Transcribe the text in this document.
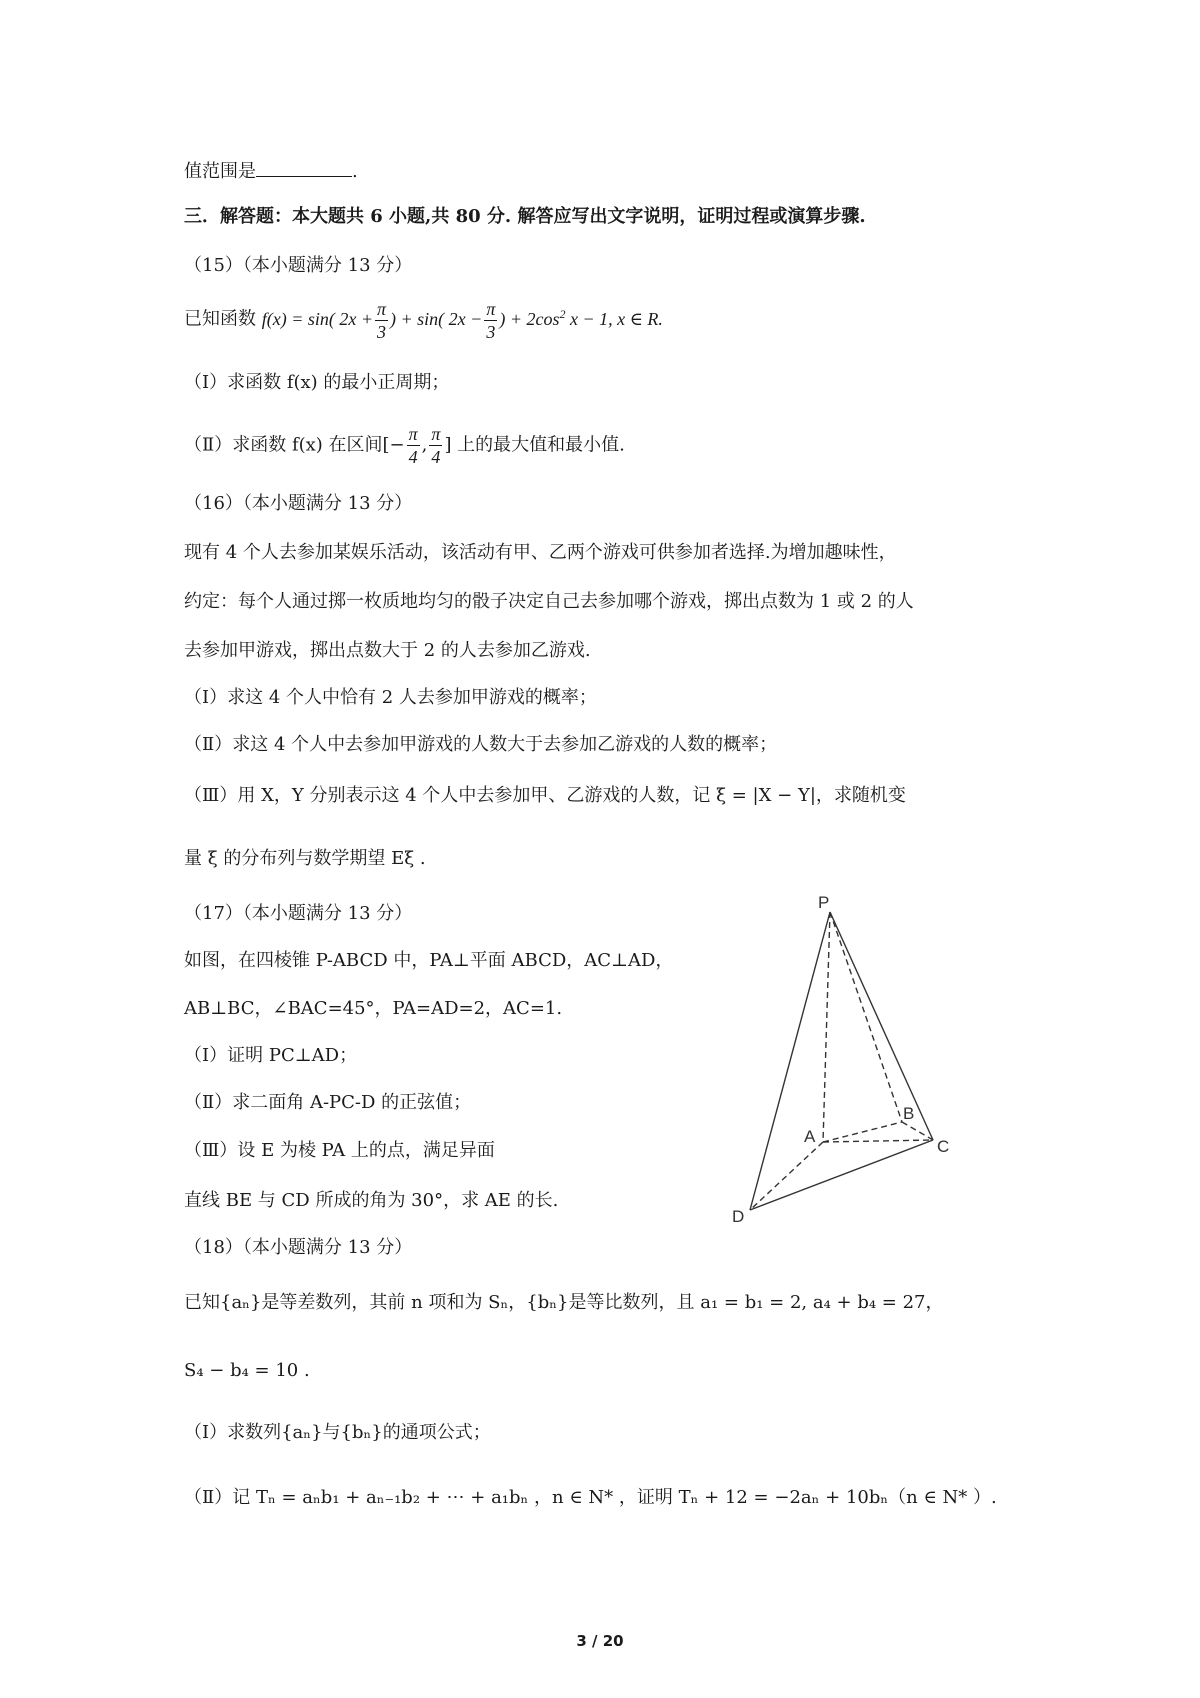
值范围是	.
三．解答题：本大题共 6 小题,共 80 分. 解答应写出文字说明，证明过程或演算步骤.
（15）（本小题满分 13 分）
已知函数 f(x) = sin( $2x + \frac{\pi}{3}$ ) + sin( $2x - \frac{\pi}{3}$ ) + $2\cos^2$ x − 1, x ∈ R.
（Ⅰ）求函数 f(x) 的最小正周期；
（Ⅱ）求函数 f(x) 在区间[− $\frac{\pi}{4}$ , $\frac{\pi}{4}$ ] 上的最大值和最小值.
（16）（本小题满分 13 分）
现有 4 个人去参加某娱乐活动，该活动有甲、乙两个游戏可供参加者选择.为增加趣味性，
约定：每个人通过掷一枚质地均匀的骰子决定自己去参加哪个游戏，掷出点数为 1 或 2 的人
去参加甲游戏，掷出点数大于 2 的人去参加乙游戏.
（Ⅰ）求这 4 个人中恰有 2 人去参加甲游戏的概率；
（Ⅱ）求这 4 个人中去参加甲游戏的人数大于去参加乙游戏的人数的概率；
（Ⅲ）用 X，Y 分别表示这 4 个人中去参加甲、乙游戏的人数，记 ξ = |X − Y|，求随机变
量 ξ 的分布列与数学期望 Eξ .
（17）（本小题满分 13 分）
如图，在四棱锥 P-ABCD 中，PA⊥平面 ABCD，AC⊥AD，
AB⊥BC，∠BAC=45°，PA=AD=2，AC=1.
（Ⅰ）证明 PC⊥AD；
（Ⅱ）求二面角 A-PC-D 的正弦值；
（Ⅲ）设 E 为棱 PA 上的点，满足异面
直线 BE 与 CD 所成的角为 30°，求 AE 的长.
P
A
B
C
D
（18）（本小题满分 13 分）
已知{aₙ}是等差数列，其前 n 项和为 Sₙ，{bₙ}是等比数列，且 a₁ = b₁ = 2, a₄ + b₄ = 27，
S₄ − b₄ = 10 .
（Ⅰ）求数列{aₙ}与{bₙ}的通项公式；
（Ⅱ）记 Tₙ = aₙb₁ + aₙ₋₁b₂ + ⋯ + a₁bₙ ，n ∈ N* ，证明 Tₙ + 12 = −2aₙ + 10bₙ（n ∈ N* ）.
3 / 20
